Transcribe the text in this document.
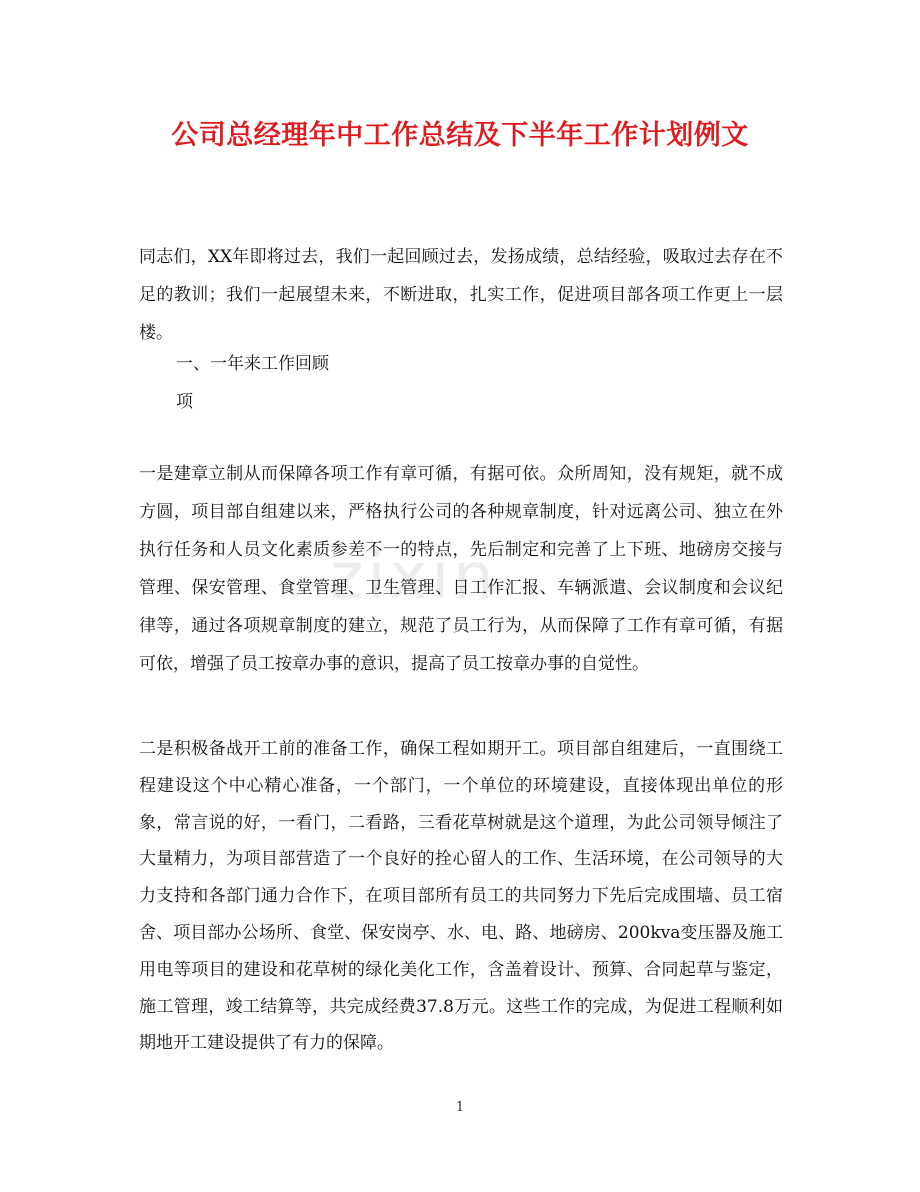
zixin
公司总经理年中工作总结及下半年工作计划例文

同志们，XX年即将过去，我们一起回顾过去，发扬成绩，总结经验，吸取过去存在不足的教训；我们一起展望未来，不断进取，扎实工作，促进项目部各项工作更上一层楼。

一、一年来工作回顾

项

一是建章立制从而保障各项工作有章可循，有据可依。众所周知，没有规矩，就不成方圆，项目部自组建以来，严格执行公司的各种规章制度，针对远离公司、独立在外执行任务和人员文化素质参差不一的特点，先后制定和完善了上下班、地磅房交接与管理、保安管理、食堂管理、卫生管理、日工作汇报、车辆派遣、会议制度和会议纪律等，通过各项规章制度的建立，规范了员工行为，从而保障了工作有章可循，有据可依，增强了员工按章办事的意识，提高了员工按章办事的自觉性。

二是积极备战开工前的准备工作，确保工程如期开工。项目部自组建后，一直围绕工程建设这个中心精心准备，一个部门，一个单位的环境建设，直接体现出单位的形象，常言说的好，一看门，二看路，三看花草树就是这个道理，为此公司领导倾注了大量精力，为项目部营造了一个良好的拴心留人的工作、生活环境，在公司领导的大力支持和各部门通力合作下，在项目部所有员工的共同努力下先后完成围墙、员工宿舍、项目部办公场所、食堂、保安岗亭、水、电、路、地磅房、200kva变压器及施工用电等项目的建设和花草树的绿化美化工作，含盖着设计、预算、合同起草与鉴定，施工管理，竣工结算等，共完成经费37.8万元。这些工作的完成，为促进工程顺利如期地开工建设提供了有力的保障。

1
